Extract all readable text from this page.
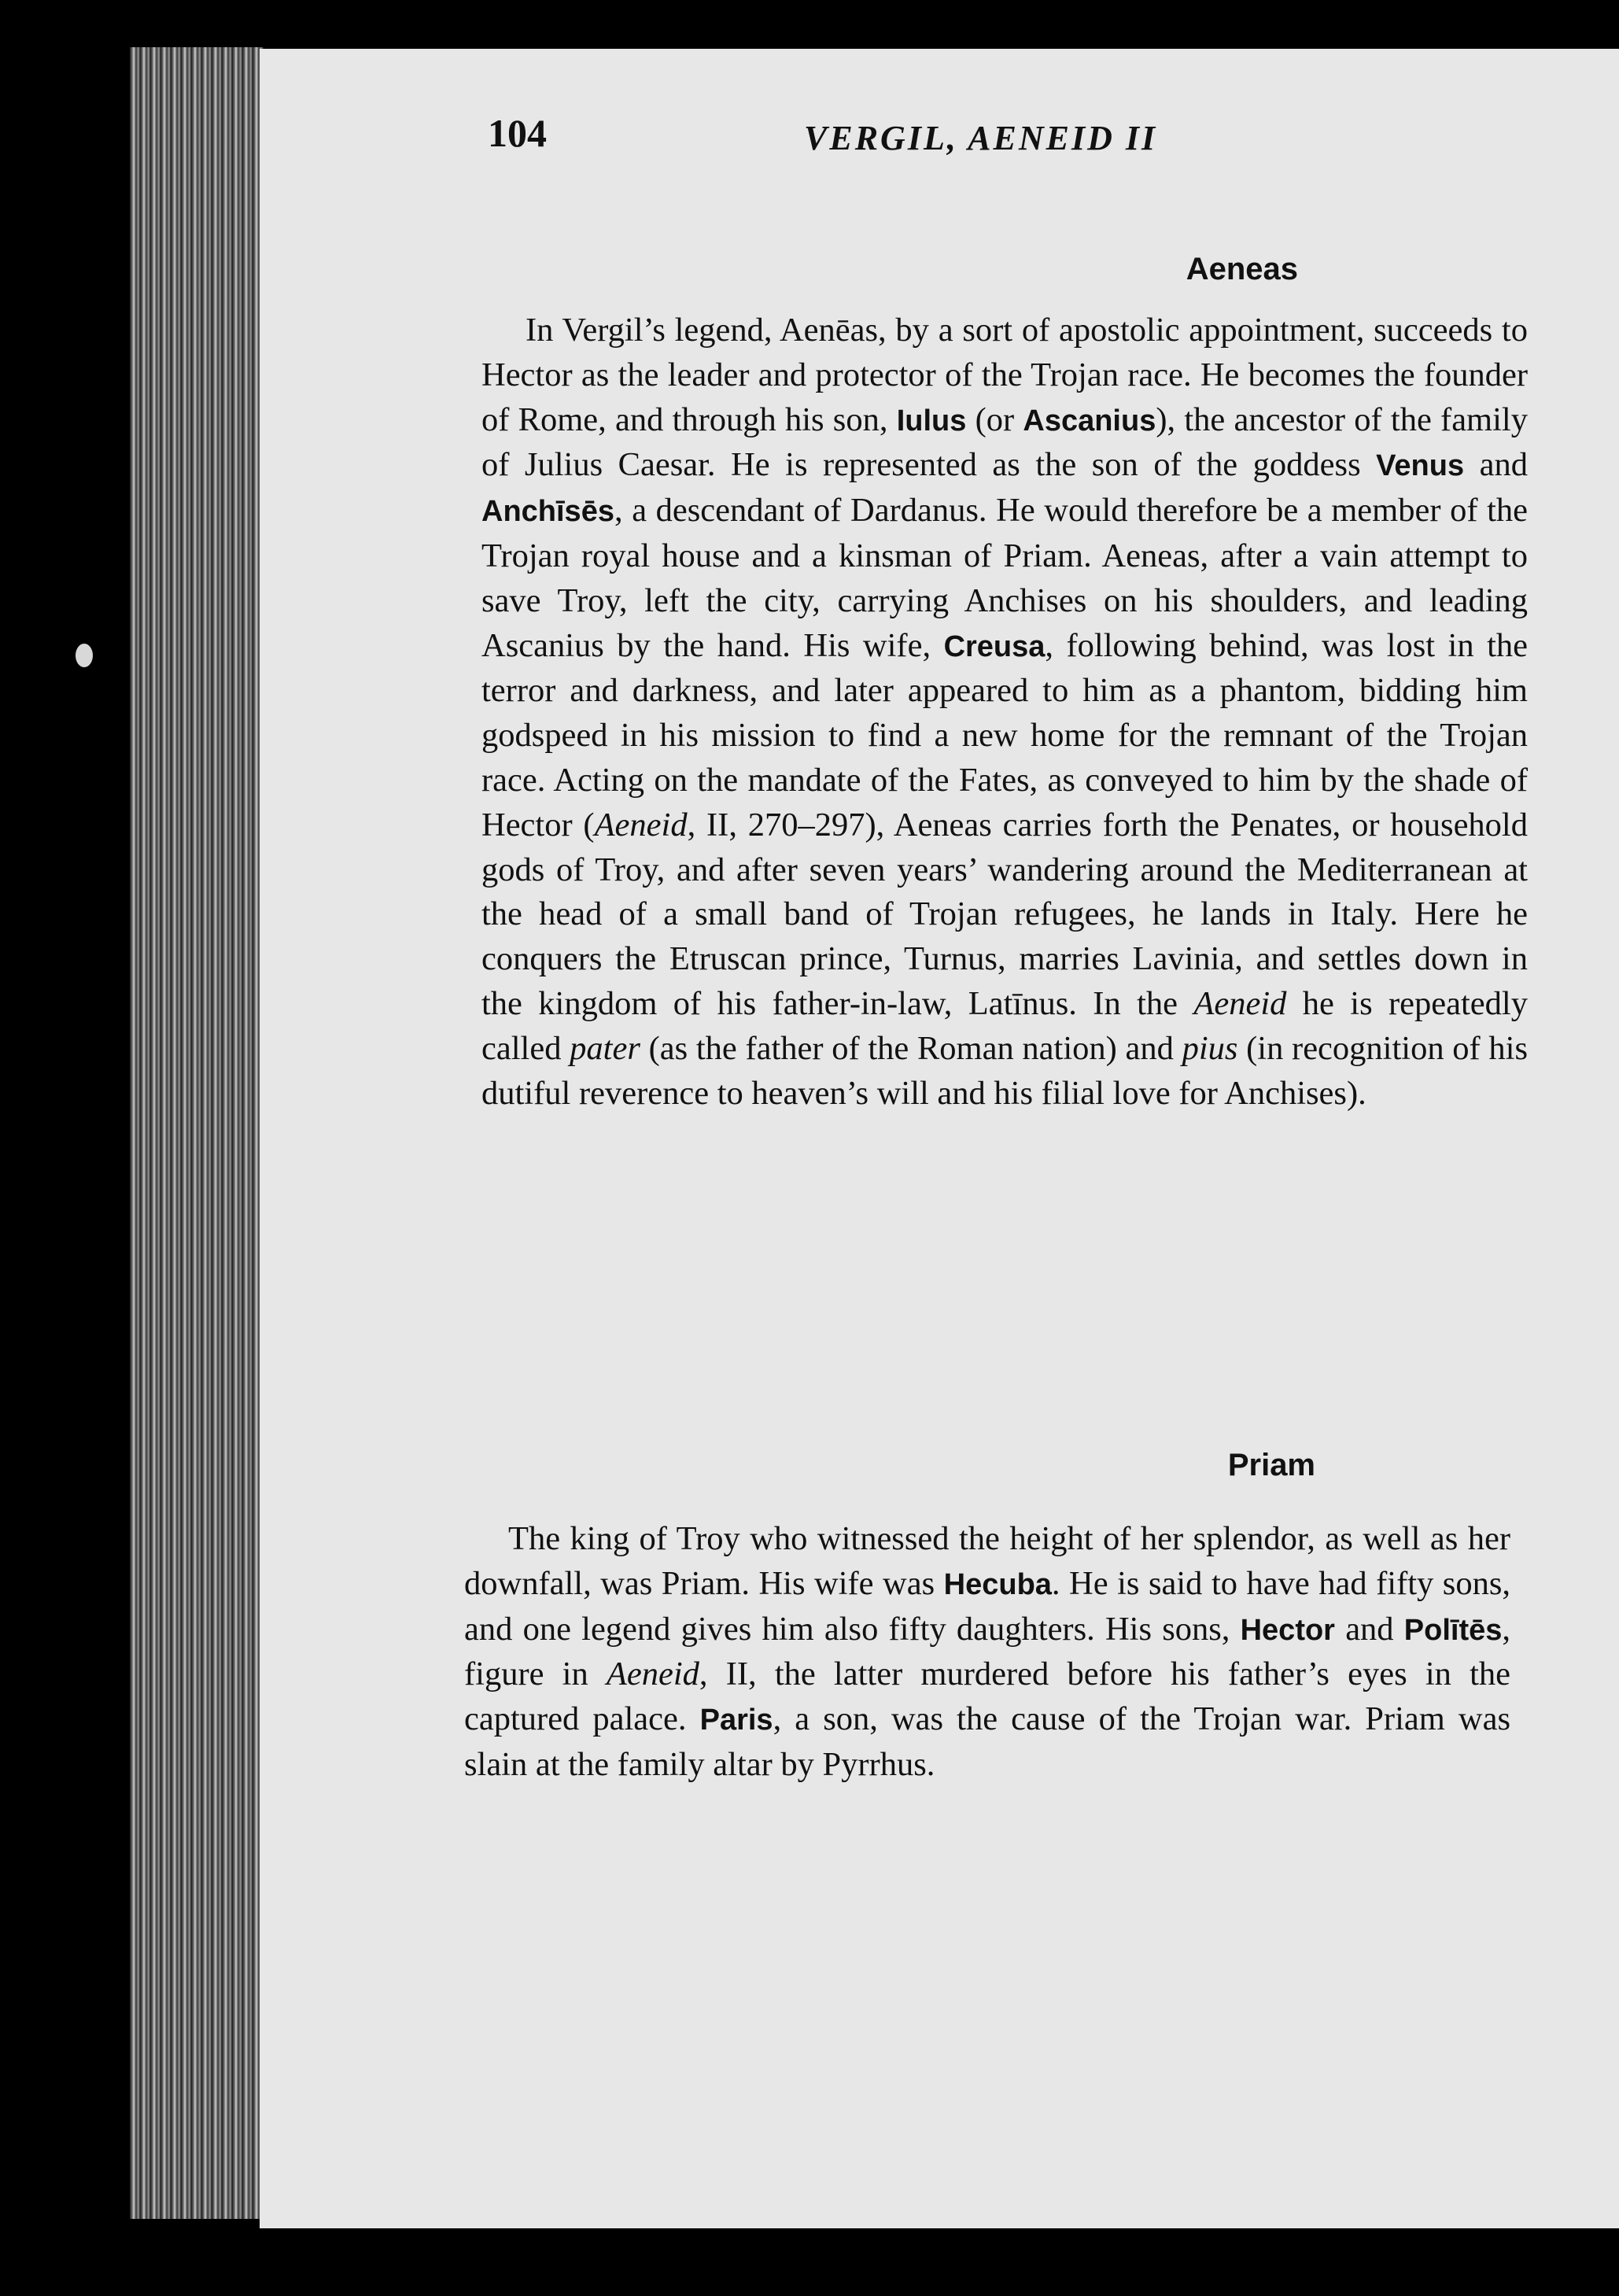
104	VERGIL, AENEID II
Aeneas

In Vergil’s legend, Aenēas, by a sort of apostolic appointment, succeeds to Hector as the leader and protector of the Trojan race. He becomes the founder of Rome, and through his son, Iulus (or Ascanius), the ancestor of the family of Julius Caesar. He is represented as the son of the goddess Venus and Anchīsēs, a descendant of Dardanus. He would therefore be a member of the Trojan royal house and a kinsman of Priam. Aeneas, after a vain attempt to save Troy, left the city, carrying Anchises on his shoulders, and leading Ascanius by the hand. His wife, Creusa, following behind, was lost in the terror and darkness, and later appeared to him as a phantom, bidding him godspeed in his mission to find a new home for the remnant of the Trojan race. Acting on the mandate of the Fates, as conveyed to him by the shade of Hector (Aeneid, II, 270–297), Aeneas carries forth the Penates, or household gods of Troy, and after seven years’ wandering around the Mediterranean at the head of a small band of Trojan refugees, he lands in Italy. Here he conquers the Etruscan prince, Turnus, marries Lavinia, and settles down in the kingdom of his father-in-law, Latīnus. In the Aeneid he is repeatedly called pater (as the father of the Roman nation) and pius (in recognition of his dutiful reverence to heaven’s will and his filial love for Anchises).

Priam

The king of Troy who witnessed the height of her splendor, as well as her downfall, was Priam. His wife was Hecuba. He is said to have had fifty sons, and one legend gives him also fifty daughters. His sons, Hector and Polītēs, figure in Aeneid, II, the latter murdered before his father’s eyes in the captured palace. Paris, a son, was the cause of the Trojan war. Priam was slain at the family altar by Pyrrhus.
